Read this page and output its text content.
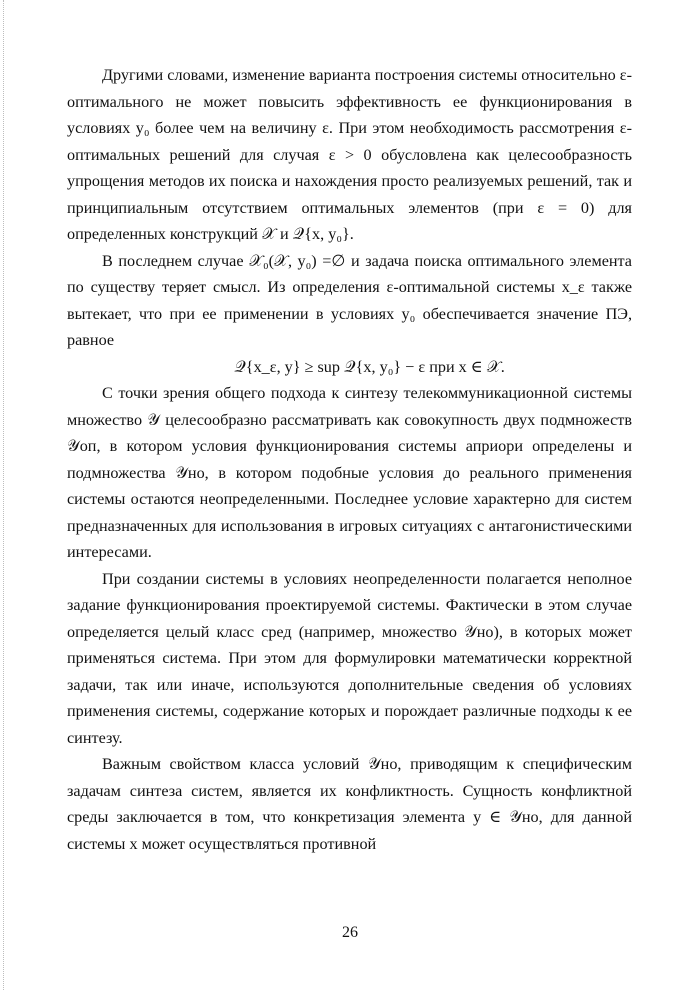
Другими словами, изменение варианта построения системы относительно ε-оптимального не может повысить эффективность ее функционирования в условиях y₀ более чем на величину ε. При этом необходимость рассмотрения ε-оптимальных решений для случая ε > 0 обусловлена как целесообразность упрощения методов их поиска и нахождения просто реализуемых решений, так и принципиальным отсутствием оптимальных элементов (при ε = 0) для определенных конструкций 𝒳 и 𝒬{x, y₀}.

В последнем случае 𝒳₀(𝒳, y₀) =∅ и задача поиска оптимального элемента по существу теряет смысл. Из определения ε-оптимальной системы x_ε также вытекает, что при ее применении в условиях y₀ обеспечивается значение ПЭ, равное

𝒬{x_ε, y} ≥ sup 𝒬{x, y₀} − ε при x ∈ 𝒳.

С точки зрения общего подхода к синтезу телекоммуникационной системы множество 𝒴 целесообразно рассматривать как совокупность двух подмножеств 𝒴оп, в котором условия функционирования системы априори определены и подмножества 𝒴но, в котором подобные условия до реального применения системы остаются неопределенными. Последнее условие характерно для систем предназначенных для использования в игровых ситуациях с антагонистическими интересами.

При создании системы в условиях неопределенности полагается неполное задание функционирования проектируемой системы. Фактически в этом случае определяется целый класс сред (например, множество 𝒴но), в которых может применяться система. При этом для формулировки математически корректной задачи, так или иначе, используются дополнительные сведения об условиях применения системы, содержание которых и порождает различные подходы к ее синтезу.

Важным свойством класса условий 𝒴но, приводящим к специфическим задачам синтеза систем, является их конфликтность. Сущность конфликтной среды заключается в том, что конкретизация элемента y ∈ 𝒴но, для данной системы x может осуществляться противной

26
